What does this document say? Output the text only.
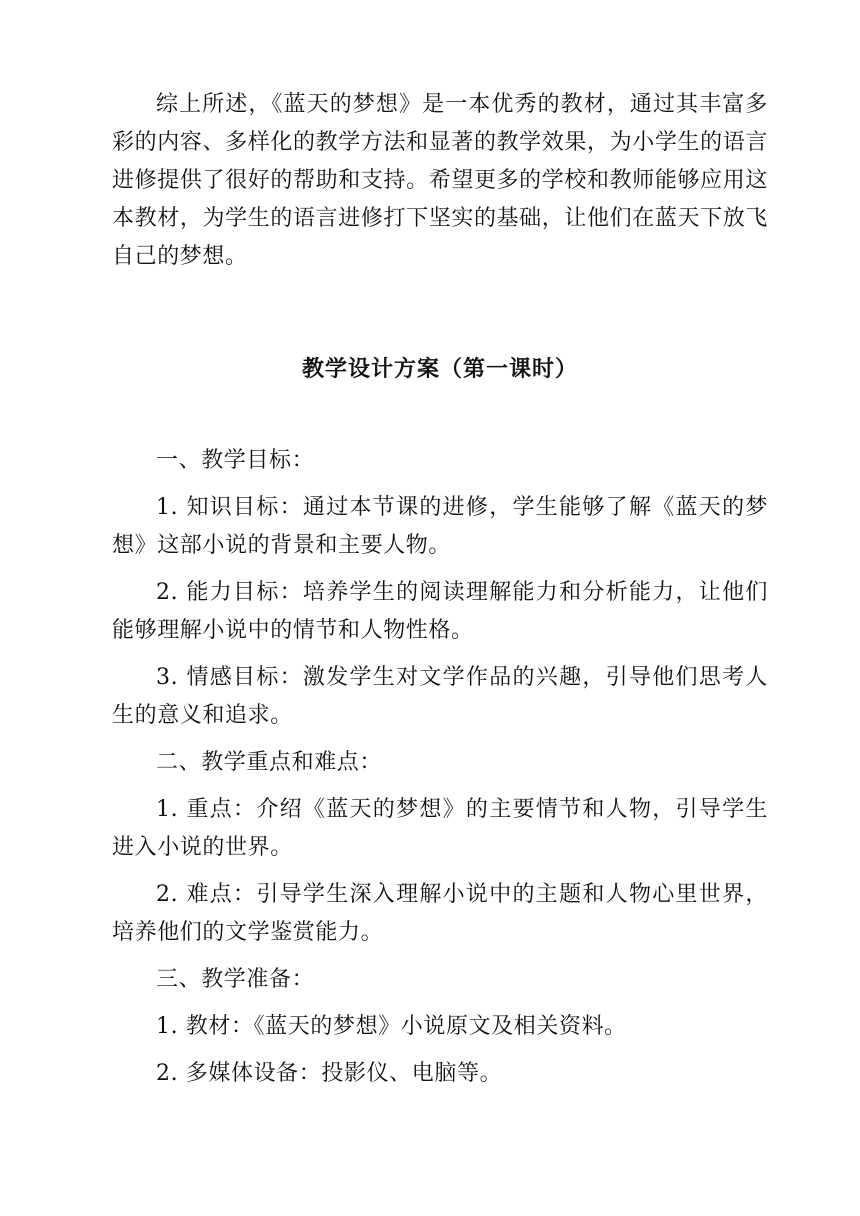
综上所述，《蓝天的梦想》是一本优秀的教材，通过其丰富多彩的内容、多样化的教学方法和显著的教学效果，为小学生的语言进修提供了很好的帮助和支持。希望更多的学校和教师能够应用这本教材，为学生的语言进修打下坚实的基础，让他们在蓝天下放飞自己的梦想。

教学设计方案（第一课时）

一、教学目标：

1. 知识目标：通过本节课的进修，学生能够了解《蓝天的梦想》这部小说的背景和主要人物。

2. 能力目标：培养学生的阅读理解能力和分析能力，让他们能够理解小说中的情节和人物性格。

3. 情感目标：激发学生对文学作品的兴趣，引导他们思考人生的意义和追求。

二、教学重点和难点：

1. 重点：介绍《蓝天的梦想》的主要情节和人物，引导学生进入小说的世界。

2. 难点：引导学生深入理解小说中的主题和人物心里世界，培养他们的文学鉴赏能力。

三、教学准备：

1. 教材：《蓝天的梦想》小说原文及相关资料。

2. 多媒体设备：投影仪、电脑等。
